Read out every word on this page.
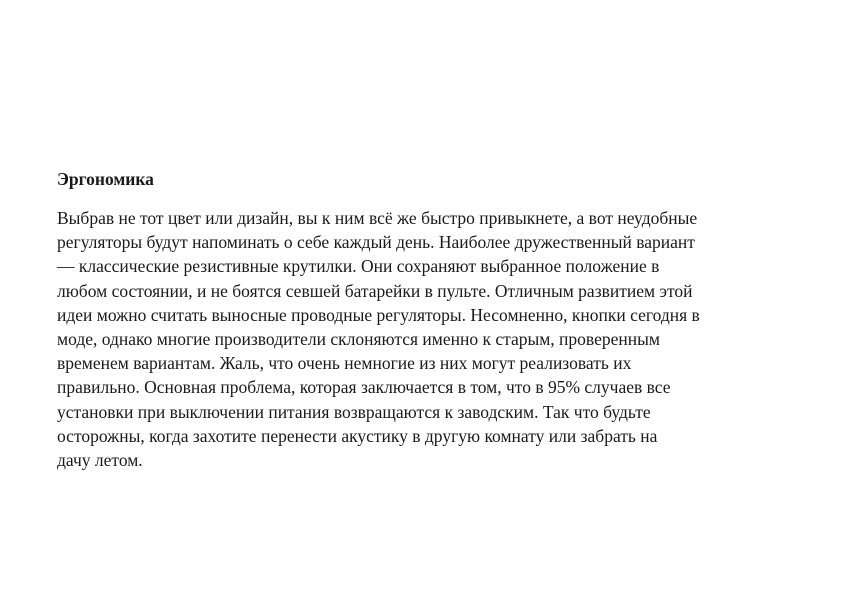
Эргономика

Выбрав не тот цвет или дизайн, вы к ним всё же быстро привыкнете, а вот неудобные
регуляторы будут напоминать о себе каждый день. Наиболее дружественный вариант
— классические резистивные крутилки. Они сохраняют выбранное положение в
любом состоянии, и не боятся севшей батарейки в пульте. Отличным развитием этой
идеи можно считать выносные проводные регуляторы. Несомненно, кнопки сегодня в
моде, однако многие производители склоняются именно к старым, проверенным
временем вариантам. Жаль, что очень немногие из них могут реализовать их
правильно. Основная проблема, которая заключается в том, что в 95% случаев все
установки при выключении питания возвращаются к заводским. Так что будьте
осторожны, когда захотите перенести акустику в другую комнату или забрать на
дачу летом.
